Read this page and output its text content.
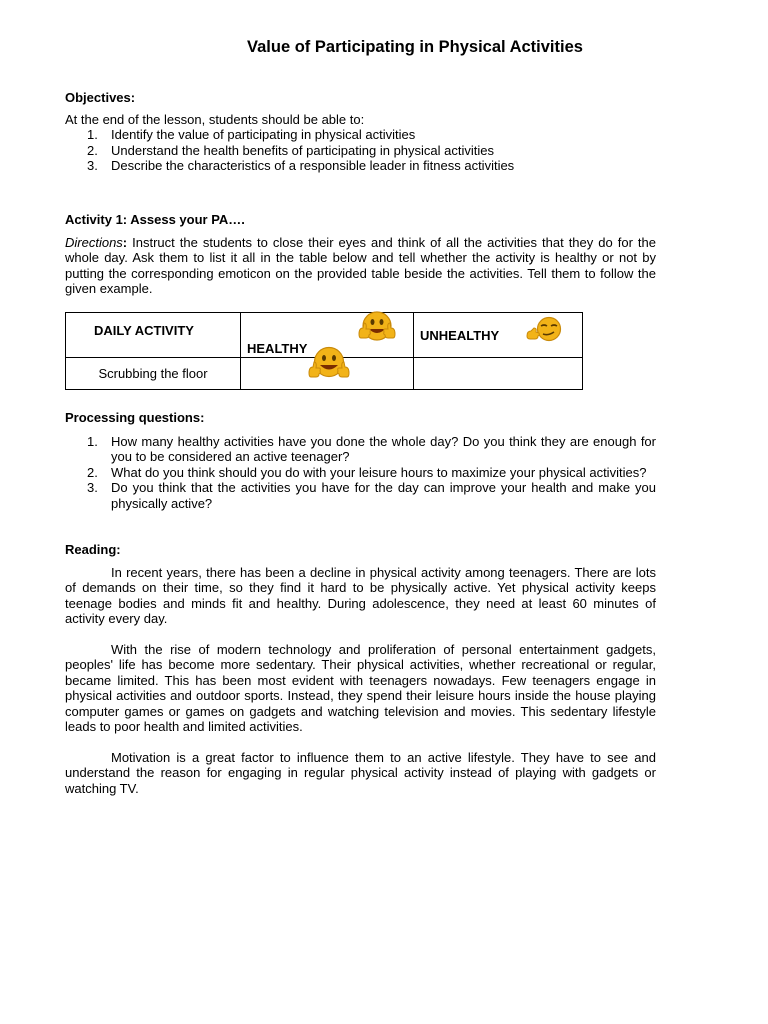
Value of Participating in Physical Activities
Objectives:
At the end of the lesson, students should be able to:
1. Identify the value of participating in physical activities
2. Understand the health benefits of participating in physical activities
3. Describe the characteristics of a responsible leader in fitness activities
Activity 1: Assess your PA….
Directions: Instruct the students to close their eyes and think of all the activities that they do for the whole day. Ask them to list it all in the table below and tell whether the activity is healthy or not by putting the corresponding emoticon on the provided table beside the activities. Tell them to follow the given example.
DAILY ACTIVITY	HEALTHY	UNHEALTHY
Scrubbing the floor		
Processing questions:
1. How many healthy activities have you done the whole day? Do you think they are enough for you to be considered an active teenager?
2. What do you think should you do with your leisure hours to maximize your physical activities?
3. Do you think that the activities you have for the day can improve your health and make you physically active?
Reading:

In recent years, there has been a decline in physical activity among teenagers. There are lots of demands on their time, so they find it hard to be physically active. Yet physical activity keeps teenage bodies and minds fit and healthy. During adolescence, they need at least 60 minutes of activity every day.

With the rise of modern technology and proliferation of personal entertainment gadgets, peoples' life has become more sedentary. Their physical activities, whether recreational or regular, became limited. This has been most evident with teenagers nowadays. Few teenagers engage in physical activities and outdoor sports. Instead, they spend their leisure hours inside the house playing computer games or games on gadgets and watching television and movies. This sedentary lifestyle leads to poor health and limited activities.

Motivation is a great factor to influence them to an active lifestyle. They have to see and understand the reason for engaging in regular physical activity instead of playing with gadgets or watching TV.
